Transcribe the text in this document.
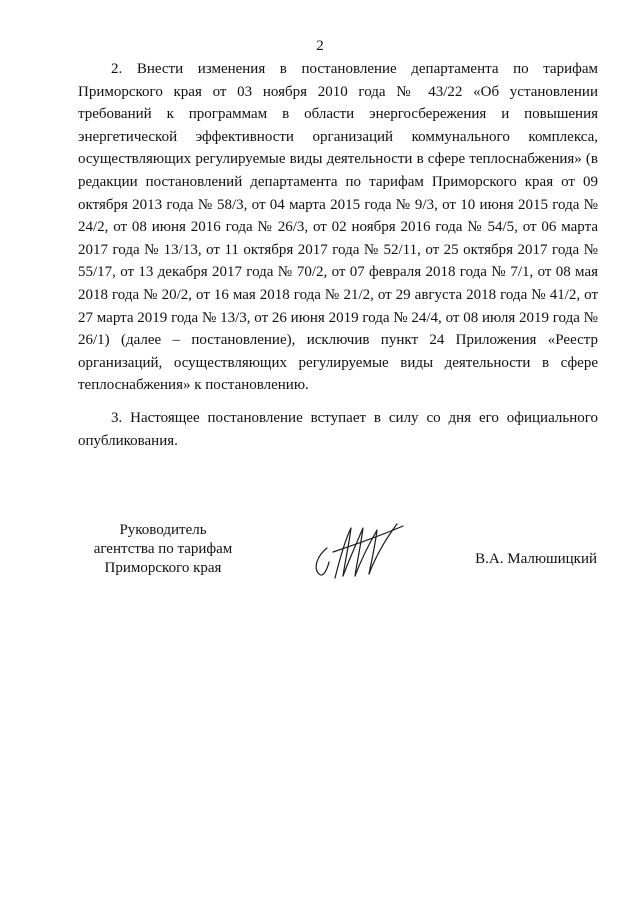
2

2. Внести изменения в постановление департамента по тарифам Приморского края от 03 ноября 2010 года № 43/22 «Об установлении требований к программам в области энергосбережения и повышения энергетической эффективности организаций коммунального комплекса, осуществляющих регулируемые виды деятельности в сфере теплоснабжения» (в редакции постановлений департамента по тарифам Приморского края от 09 октября 2013 года № 58/3, от 04 марта 2015 года № 9/3, от 10 июня 2015 года № 24/2, от 08 июня 2016 года № 26/3, от 02 ноября 2016 года № 54/5, от 06 марта 2017 года № 13/13, от 11 октября 2017 года № 52/11, от 25 октября 2017 года № 55/17, от 13 декабря 2017 года № 70/2, от 07 февраля 2018 года № 7/1, от 08 мая 2018 года № 20/2, от 16 мая 2018 года № 21/2, от 29 августа 2018 года № 41/2, от 27 марта 2019 года № 13/3, от 26 июня 2019 года № 24/4, от 08 июля 2019 года № 26/1) (далее – постановление), исключив пункт 24 Приложения «Реестр организаций, осуществляющих регулируемые виды деятельности в сфере теплоснабжения» к постановлению.

3. Настоящее постановление вступает в силу со дня его официального опубликования.

Руководитель
агентства по тарифам
Приморского края
В.А. Малюшицкий
